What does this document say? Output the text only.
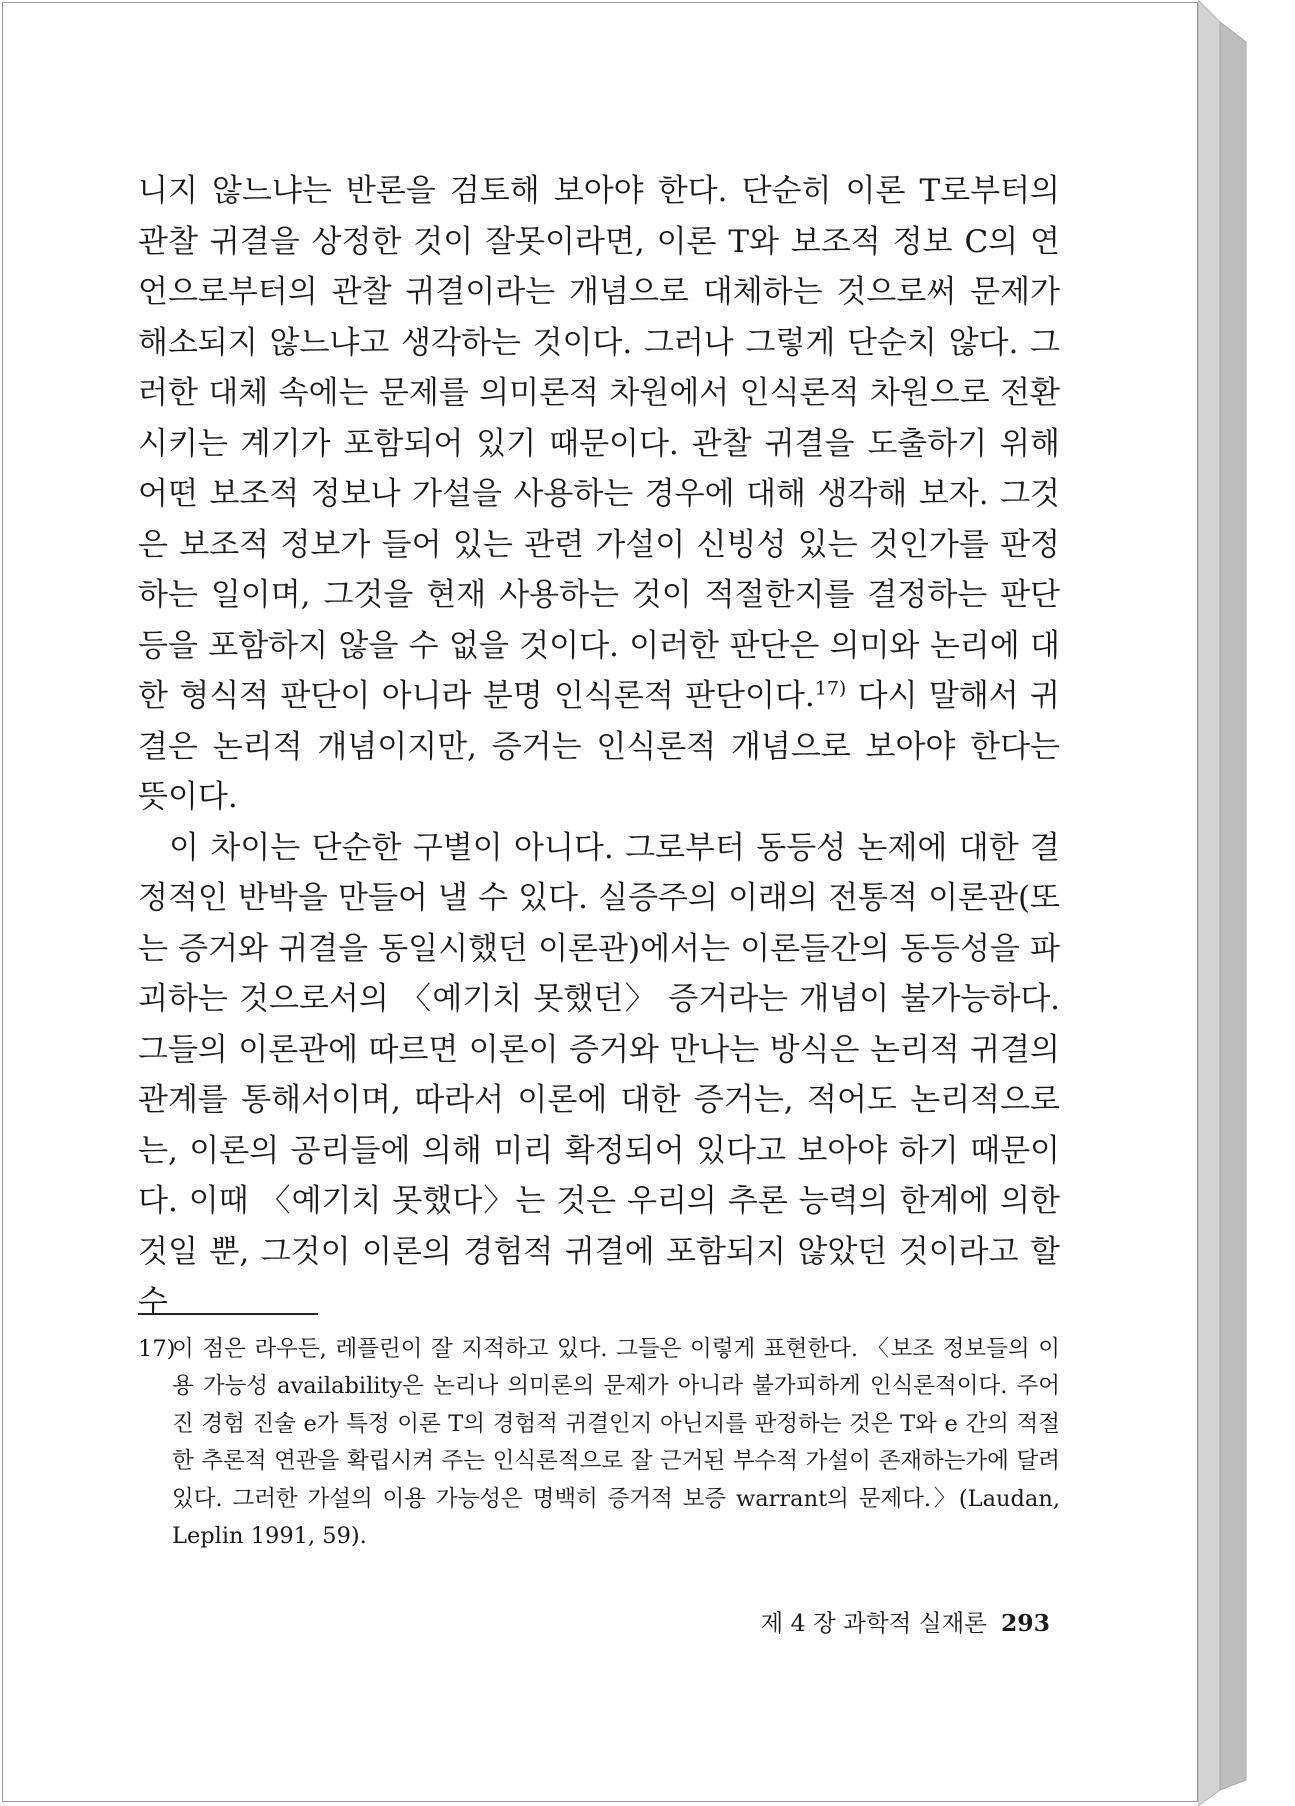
니지 않느냐는 반론을 검토해 보아야 한다. 단순히 이론 T로부터의 관찰 귀결을 상정한 것이 잘못이라면, 이론 T와 보조적 정보 C의 연언으로부터의 관찰 귀결이라는 개념으로 대체하는 것으로써 문제가 해소되지 않느냐고 생각하는 것이다. 그러나 그렇게 단순치 않다. 그러한 대체 속에는 문제를 의미론적 차원에서 인식론적 차원으로 전환시키는 계기가 포함되어 있기 때문이다. 관찰 귀결을 도출하기 위해 어떤 보조적 정보나 가설을 사용하는 경우에 대해 생각해 보자. 그것은 보조적 정보가 들어 있는 관련 가설이 신빙성 있는 것인가를 판정하는 일이며, 그것을 현재 사용하는 것이 적절한지를 결정하는 판단 등을 포함하지 않을 수 없을 것이다. 이러한 판단은 의미와 논리에 대한 형식적 판단이 아니라 분명 인식론적 판단이다.$^{17)}$ 다시 말해서 귀결은 논리적 개념이지만, 증거는 인식론적 개념으로 보아야 한다는 뜻이다.

이 차이는 단순한 구별이 아니다. 그로부터 동등성 논제에 대한 결정적인 반박을 만들어 낼 수 있다. 실증주의 이래의 전통적 이론관(또는 증거와 귀결을 동일시했던 이론관)에서는 이론들간의 동등성을 파괴하는 것으로서의 〈예기치 못했던〉 증거라는 개념이 불가능하다. 그들의 이론관에 따르면 이론이 증거와 만나는 방식은 논리적 귀결의 관계를 통해서이며, 따라서 이론에 대한 증거는, 적어도 논리적으로는, 이론의 공리들에 의해 미리 확정되어 있다고 보아야 하기 때문이다. 이때 〈예기치 못했다〉는 것은 우리의 추론 능력의 한계에 의한 것일 뿐, 그것이 이론의 경험적 귀결에 포함되지 않았던 것이라고 할 수

17)
이 점은 라우든, 레플린이 잘 지적하고 있다. 그들은 이렇게 표현한다. 〈보조 정보들의 이용 가능성 availability은 논리나 의미론의 문제가 아니라 불가피하게 인식론적이다. 주어진 경험 진술 e가 특정 이론 T의 경험적 귀결인지 아닌지를 판정하는 것은 T와 e 간의 적절한 추론적 연관을 확립시켜 주는 인식론적으로 잘 근거된 부수적 가설이 존재하는가에 달려 있다. 그러한 가설의 이용 가능성은 명백히 증거적 보증 warrant의 문제다.〉(Laudan, Leplin 1991, 59).
제 4 장 과학적 실재론 293
